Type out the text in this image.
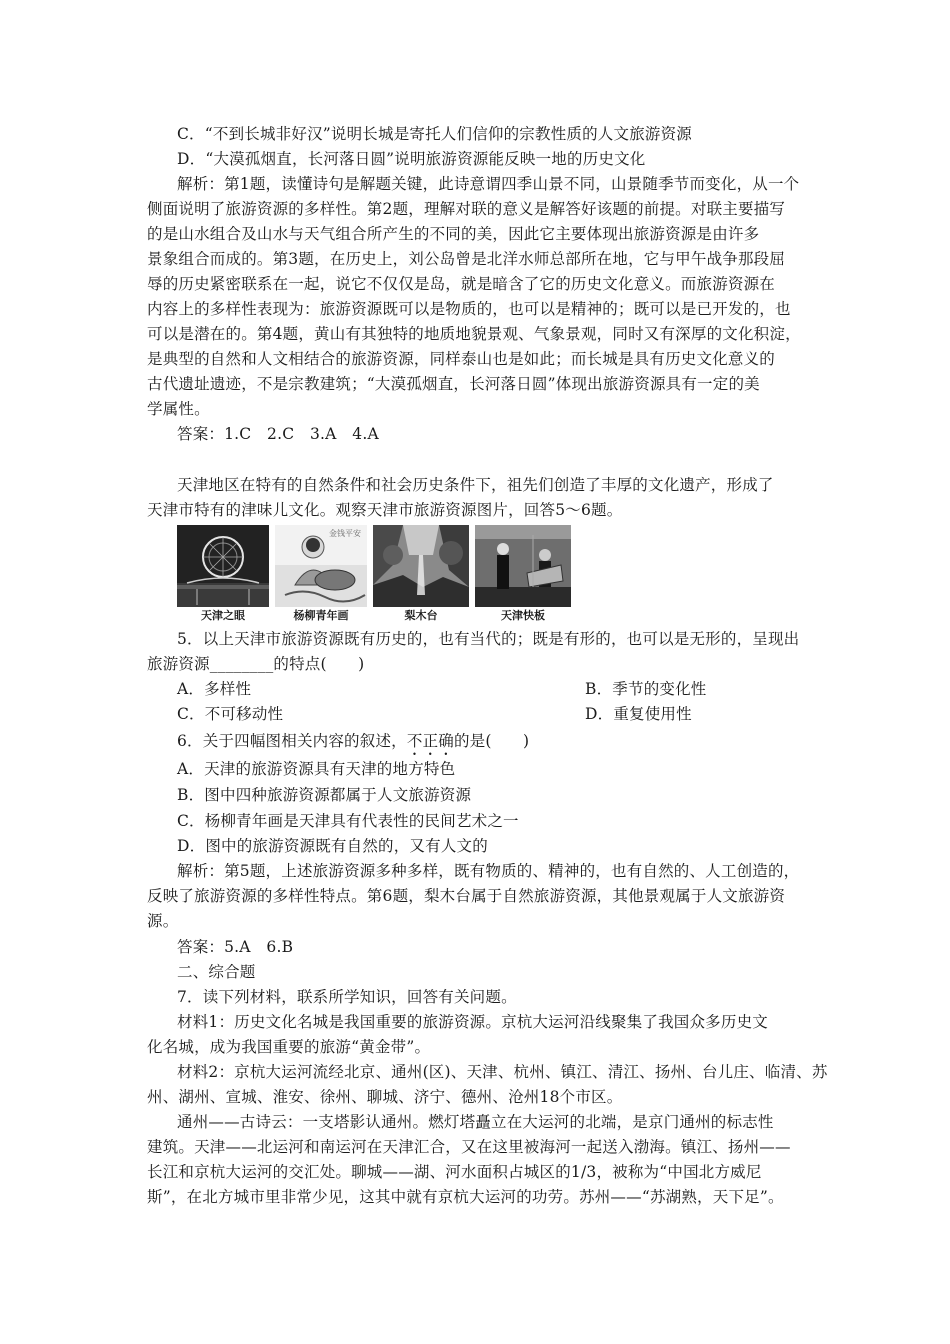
C．“不到长城非好汉”说明长城是寄托人们信仰的宗教性质的人文旅游资源
D．“大漠孤烟直，长河落日圆”说明旅游资源能反映一地的历史文化
解析：第1题，读懂诗句是解题关键，此诗意谓四季山景不同，山景随季节而变化，从一个
侧面说明了旅游资源的多样性。第2题，理解对联的意义是解答好该题的前提。对联主要描写
的是山水组合及山水与天气组合所产生的不同的美，因此它主要体现出旅游资源是由许多
景象组合而成的。第3题，在历史上，刘公岛曾是北洋水师总部所在地，它与甲午战争那段屈
辱的历史紧密联系在一起，说它不仅仅是岛，就是暗含了它的历史文化意义。而旅游资源在
内容上的多样性表现为：旅游资源既可以是物质的，也可以是精神的；既可以是已开发的，也
可以是潜在的。第4题，黄山有其独特的地质地貌景观、气象景观，同时又有深厚的文化积淀，
是典型的自然和人文相结合的旅游资源，同样泰山也是如此；而长城是具有历史文化意义的
古代遗址遗迹，不是宗教建筑；“大漠孤烟直，长河落日圆”体现出旅游资源具有一定的美
学属性。
答案：1.C　2.C　3.A　4.A
天津地区在特有的自然条件和社会历史条件下，祖先们创造了丰厚的文化遗产，形成了
天津市特有的津味儿文化。观察天津市旅游资源图片，回答5～6题。
天津之眼
金钱平安
杨柳青年画	梨木台	天津快板
5．以上天津市旅游资源既有历史的，也有当代的；既是有形的，也可以是无形的，呈现出
旅游资源________的特点(　　)
A．多样性	B．季节的变化性
C．不可移动性	D．重复使用性
6．关于四幅图相关内容的叙述，不正确的是(　　)
A．天津的旅游资源具有天津的地方特色
B．图中四种旅游资源都属于人文旅游资源
C．杨柳青年画是天津具有代表性的民间艺术之一
D．图中的旅游资源既有自然的，又有人文的
解析：第5题，上述旅游资源多种多样，既有物质的、精神的，也有自然的、人工创造的，
反映了旅游资源的多样性特点。第6题，梨木台属于自然旅游资源，其他景观属于人文旅游资
源。
答案：5.A　6.B
二、综合题
7．读下列材料，联系所学知识，回答有关问题。
材料1：历史文化名城是我国重要的旅游资源。京杭大运河沿线聚集了我国众多历史文
化名城，成为我国重要的旅游“黄金带”。
材料2：京杭大运河流经北京、通州(区)、天津、杭州、镇江、清江、扬州、台儿庄、临清、苏
州、湖州、宣城、淮安、徐州、聊城、济宁、德州、沧州18个市区。
通州——古诗云：一支塔影认通州。燃灯塔矗立在大运河的北端，是京门通州的标志性
建筑。天津——北运河和南运河在天津汇合，又在这里被海河一起送入渤海。镇江、扬州——
长江和京杭大运河的交汇处。聊城——湖、河水面积占城区的1/3，被称为“中国北方威尼
斯”，在北方城市里非常少见，这其中就有京杭大运河的功劳。苏州——“苏湖熟，天下足”。
